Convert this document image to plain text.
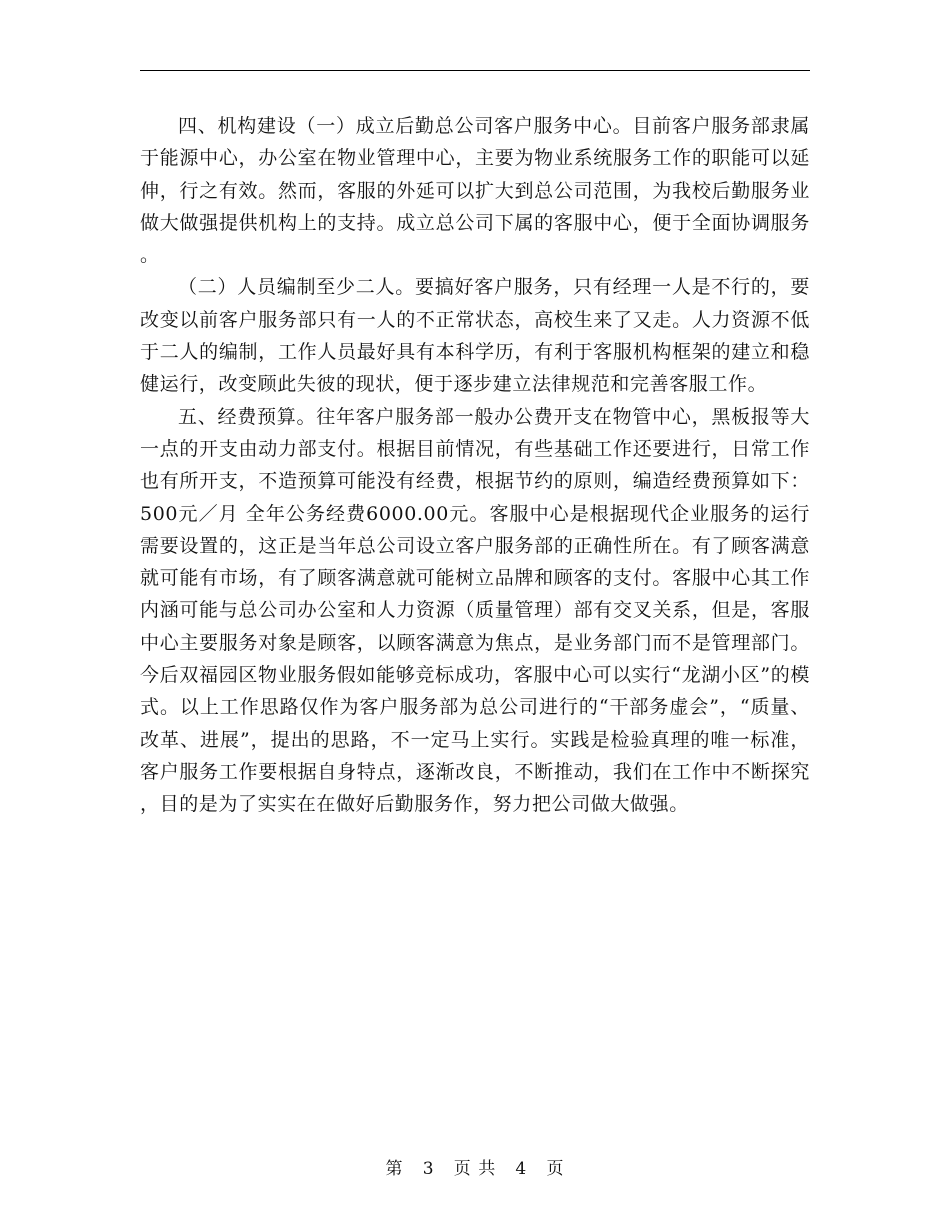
四、机构建设（一）成立后勤总公司客户服务中心。目前客户服务部隶属于能源中心，办公室在物业管理中心，主要为物业系统服务工作的职能可以延伸，行之有效。然而，客服的外延可以扩大到总公司范围，为我校后勤服务业做大做强提供机构上的支持。成立总公司下属的客服中心，便于全面协调服务。

（二）人员编制至少二人。要搞好客户服务，只有经理一人是不行的，要改变以前客户服务部只有一人的不正常状态，高校生来了又走。人力资源不低于二人的编制，工作人员最好具有本科学历，有利于客服机构框架的建立和稳健运行，改变顾此失彼的现状，便于逐步建立法律规范和完善客服工作。

五、经费预算。往年客户服务部一般办公费开支在物管中心，黑板报等大一点的开支由动力部支付。根据目前情况，有些基础工作还要进行，日常工作也有所开支，不造预算可能没有经费，根据节约的原则，编造经费预算如下：500元／月 全年公务经费6000.00元。客服中心是根据现代企业服务的运行需要设置的，这正是当年总公司设立客户服务部的正确性所在。有了顾客满意就可能有市场，有了顾客满意就可能树立品牌和顾客的支付。客服中心其工作内涵可能与总公司办公室和人力资源（质量管理）部有交叉关系，但是，客服中心主要服务对象是顾客，以顾客满意为焦点，是业务部门而不是管理部门。今后双福园区物业服务假如能够竞标成功，客服中心可以实行“龙湖小区”的模式。以上工作思路仅作为客户服务部为总公司进行的“干部务虚会”，“质量、改革、进展”，提出的思路，不一定马上实行。实践是检验真理的唯一标准，客户服务工作要根据自身特点，逐渐改良，不断推动，我们在工作中不断探究，目的是为了实实在在做好后勤服务作，努力把公司做大做强。

第 3 页 共 4 页
